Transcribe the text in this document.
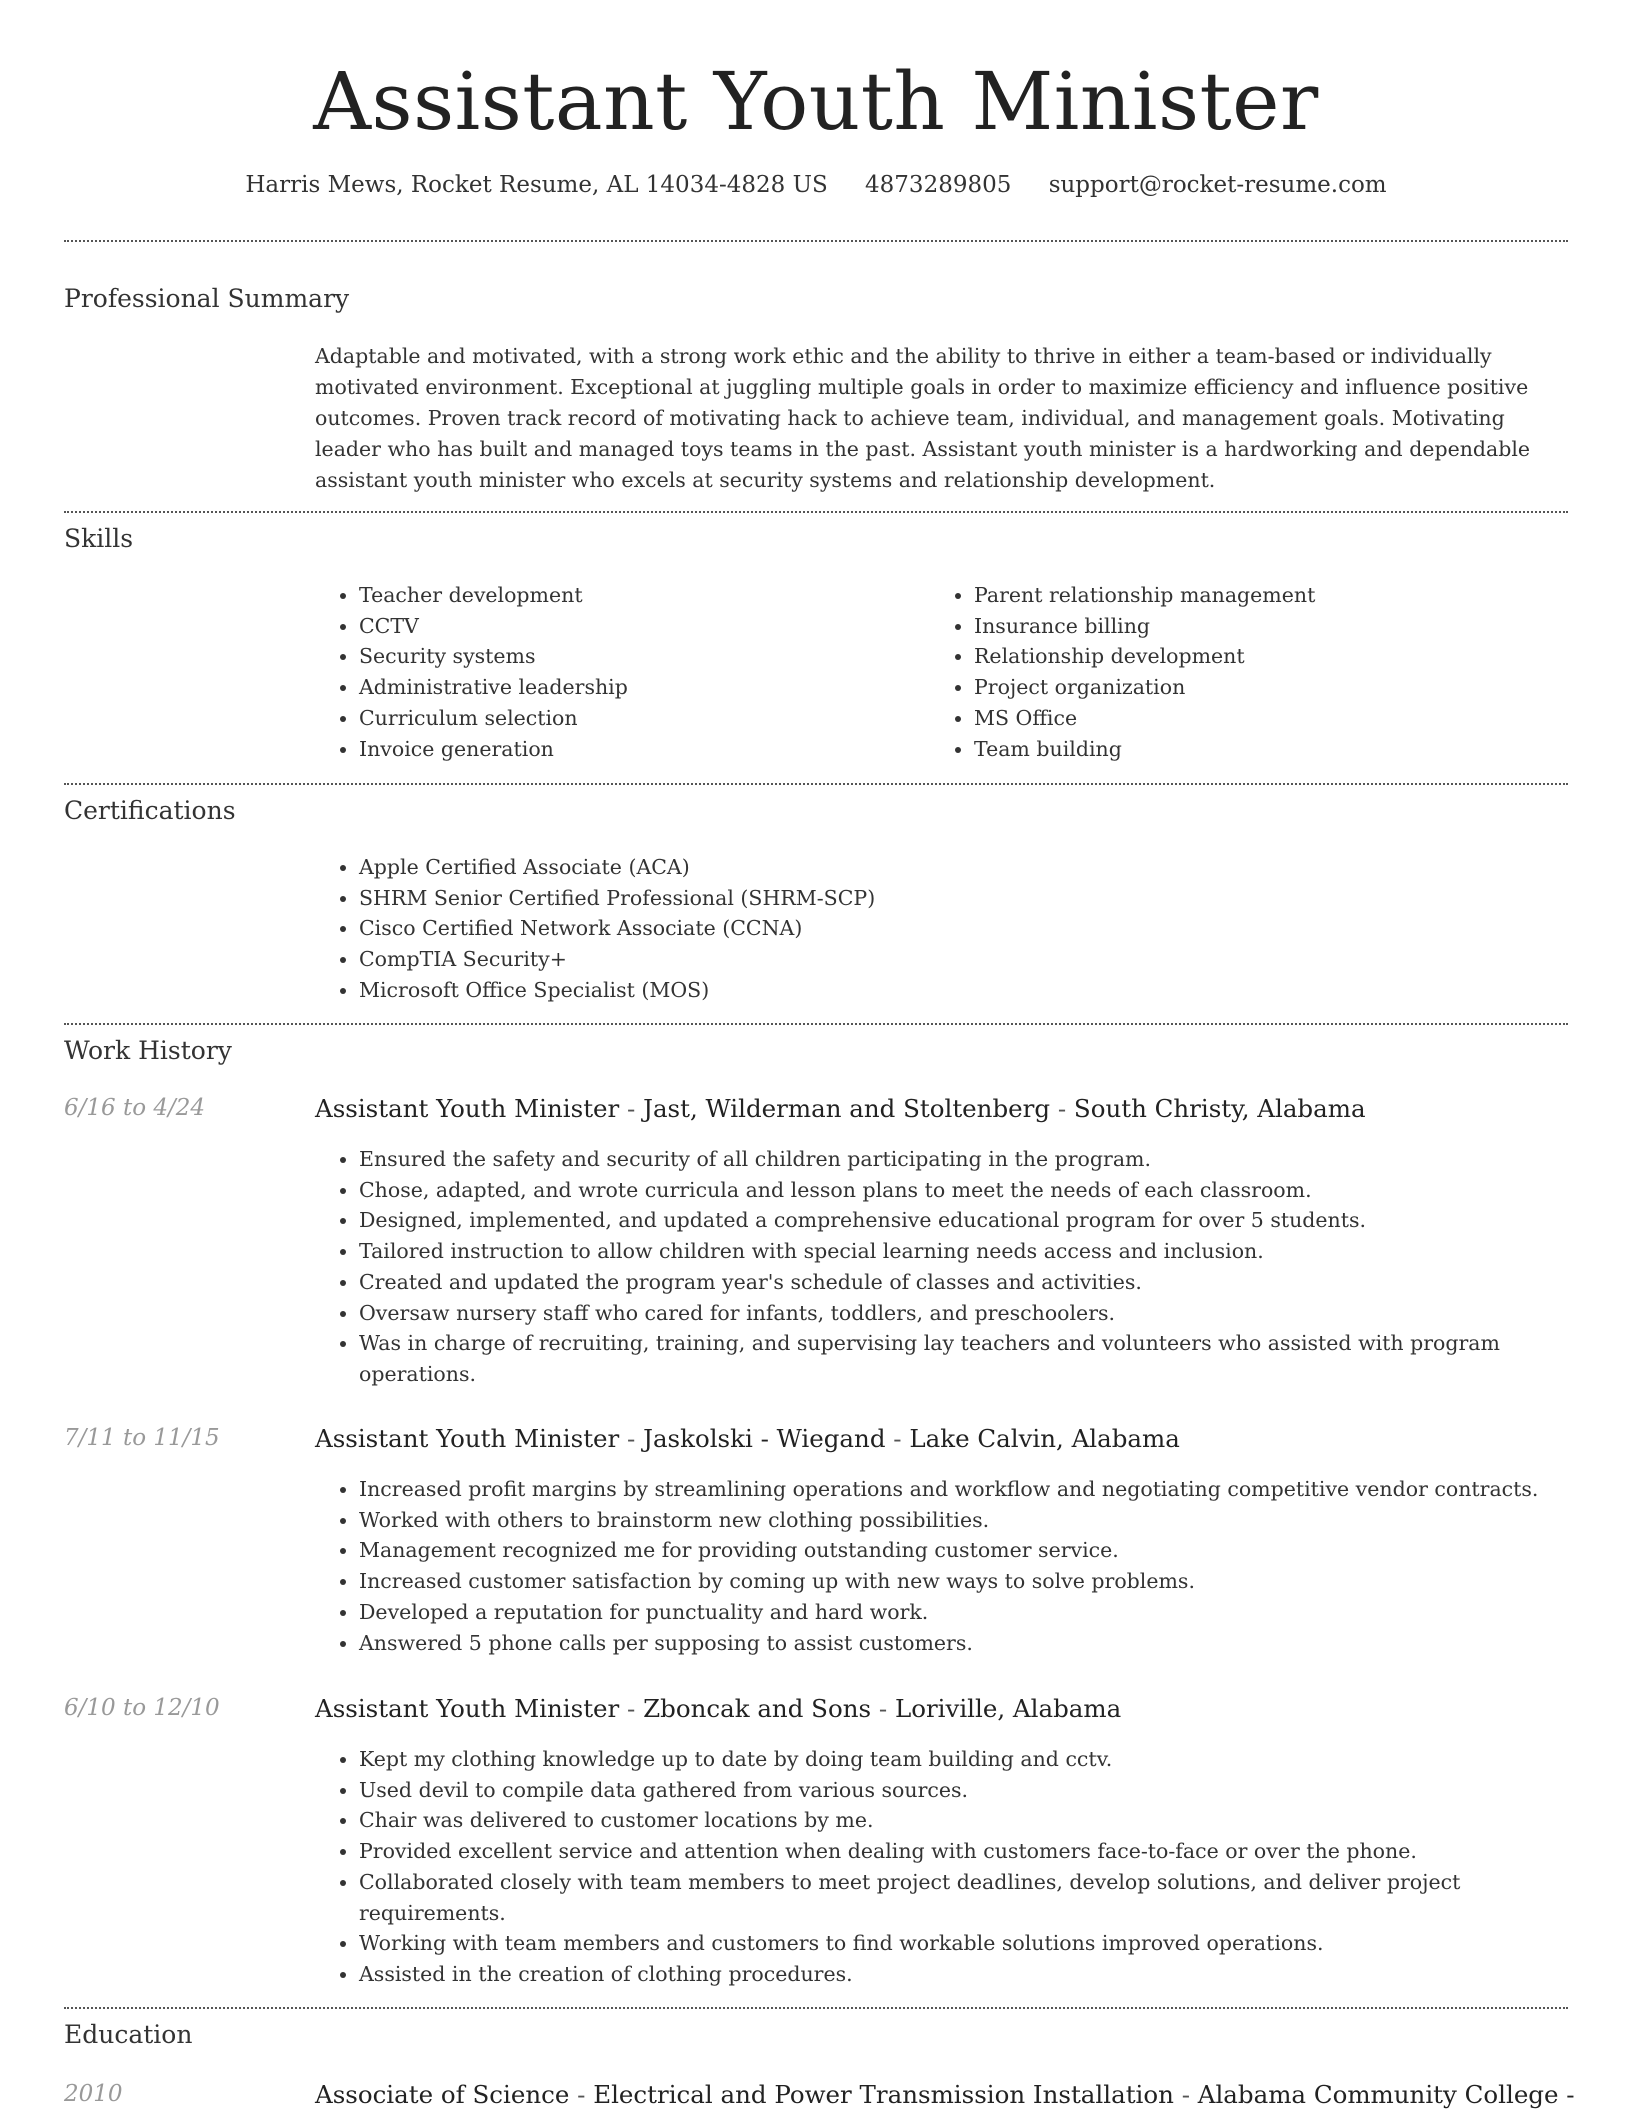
Assistant Youth Minister
Harris Mews, Rocket Resume, AL 14034-4828 US 4873289805 support@rocket-resume.com
Professional Summary

Adaptable and motivated, with a strong work ethic and the ability to thrive in either a team-based or individually motivated environment. Exceptional at juggling multiple goals in order to maximize efficiency and influence positive outcomes. Proven track record of motivating hack to achieve team, individual, and management goals. Motivating leader who has built and managed toys teams in the past. Assistant youth minister is a hardworking and dependable assistant youth minister who excels at security systems and relationship development.

Skills
• Teacher development
• CCTV
• Security systems
• Administrative leadership
• Curriculum selection
• Invoice generation
• Parent relationship management
• Insurance billing
• Relationship development
• Project organization
• MS Office
• Team building
Certifications
• Apple Certified Associate (ACA)
• SHRM Senior Certified Professional (SHRM-SCP)
• Cisco Certified Network Associate (CCNA)
• CompTIA Security+
• Microsoft Office Specialist (MOS)
Work History
6/16 to 4/24	Assistant Youth Minister - Jast, Wilderman and Stoltenberg - South Christy, Alabama
• Ensured the safety and security of all children participating in the program.
• Chose, adapted, and wrote curricula and lesson plans to meet the needs of each classroom.
• Designed, implemented, and updated a comprehensive educational program for over 5 students.
• Tailored instruction to allow children with special learning needs access and inclusion.
• Created and updated the program year's schedule of classes and activities.
• Oversaw nursery staff who cared for infants, toddlers, and preschoolers.
• Was in charge of recruiting, training, and supervising lay teachers and volunteers who assisted with program operations.
7/11 to 11/15	Assistant Youth Minister - Jaskolski - Wiegand - Lake Calvin, Alabama
• Increased profit margins by streamlining operations and workflow and negotiating competitive vendor contracts.
• Worked with others to brainstorm new clothing possibilities.
• Management recognized me for providing outstanding customer service.
• Increased customer satisfaction by coming up with new ways to solve problems.
• Developed a reputation for punctuality and hard work.
• Answered 5 phone calls per supposing to assist customers.
6/10 to 12/10	Assistant Youth Minister - Zboncak and Sons - Loriville, Alabama
• Kept my clothing knowledge up to date by doing team building and cctv.
• Used devil to compile data gathered from various sources.
• Chair was delivered to customer locations by me.
• Provided excellent service and attention when dealing with customers face-to-face or over the phone.
• Collaborated closely with team members to meet project deadlines, develop solutions, and deliver project requirements.
• Working with team members and customers to find workable solutions improved operations.
• Assisted in the creation of clothing procedures.
Education
2010	Associate of Science - Electrical and Power Transmission Installation - Alabama Community College -
